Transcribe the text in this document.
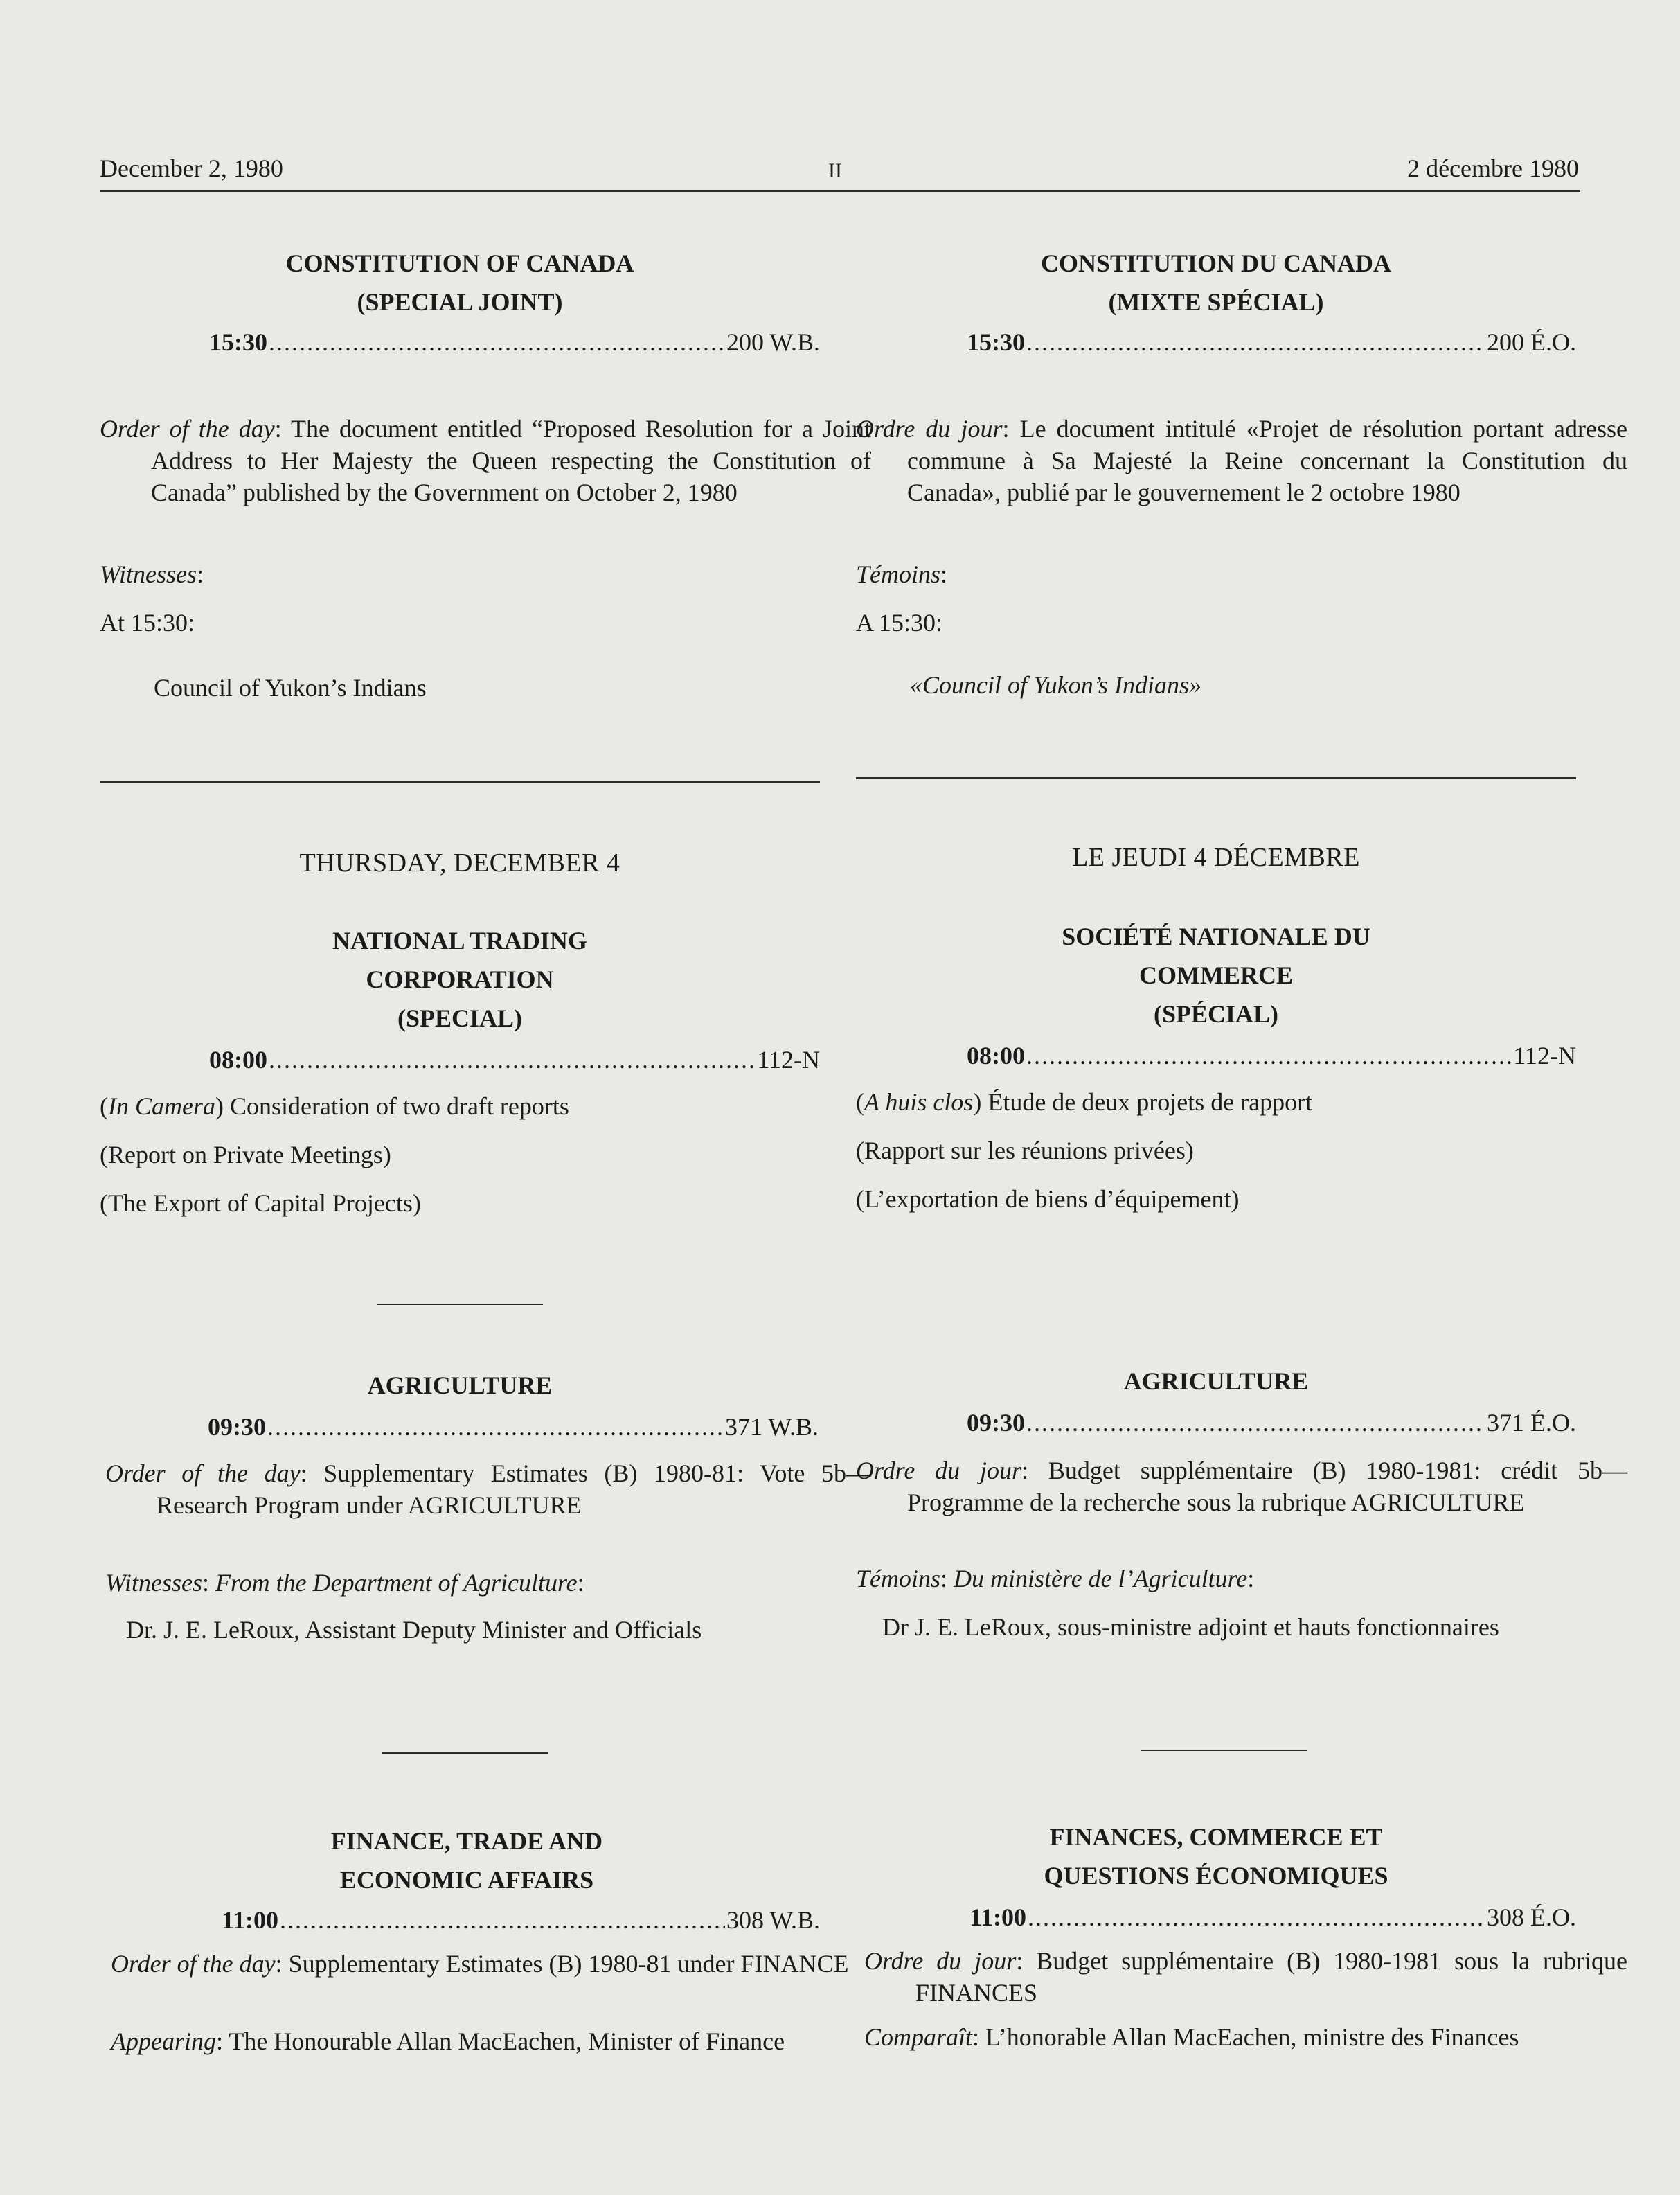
December 2, 1980	II	2 décembre 1980
CONSTITUTION OF CANADA
(SPECIAL JOINT)
15:30 .....	200 W.B.
Order of the day: The document entitled “Proposed Resolution for a Joint Address to Her Majesty the Queen respecting the Constitution of Canada” published by the Government on October 2, 1980
Witnesses:
At 15:30:
Council of Yukon’s Indians
THURSDAY, DECEMBER 4
NATIONAL TRADING
CORPORATION
(SPECIAL)
08:00 .....	112-N
(In Camera) Consideration of two draft reports
(Report on Private Meetings)
(The Export of Capital Projects)
AGRICULTURE
09:30 .....	371 W.B.
Order of the day: Supplementary Estimates (B) 1980-81: Vote 5b—Research Program under AGRICULTURE
Witnesses: From the Department of Agriculture:
Dr. J. E. LeRoux, Assistant Deputy Minister and Officials
FINANCE, TRADE AND
ECONOMIC AFFAIRS
11:00 .....	308 W.B.
Order of the day: Supplementary Estimates (B) 1980-81 under FINANCE
Appearing: The Honourable Allan MacEachen, Minister of Finance
CONSTITUTION DU CANADA
(MIXTE SPÉCIAL)
15:30 .....	200 É.O.
Ordre du jour: Le document intitulé «Projet de résolution portant adresse commune à Sa Majesté la Reine concernant la Constitution du Canada», publié par le gouvernement le 2 octobre 1980
Témoins:
A 15:30:
«Council of Yukon’s Indians»
LE JEUDI 4 DÉCEMBRE
SOCIÉTÉ NATIONALE DU
COMMERCE
(SPÉCIAL)
08:00 .....	112-N
(A huis clos) Étude de deux projets de rapport
(Rapport sur les réunions privées)
(L’exportation de biens d’équipement)
AGRICULTURE
09:30 .....	371 É.O.
Ordre du jour: Budget supplémentaire (B) 1980-1981: crédit 5b—Programme de la recherche sous la rubrique AGRICULTURE
Témoins: Du ministère de l’Agriculture:
Dr J. E. LeRoux, sous-ministre adjoint et hauts fonctionnaires
FINANCES, COMMERCE ET
QUESTIONS ÉCONOMIQUES
11:00 .....	308 É.O.
Ordre du jour: Budget supplémentaire (B) 1980-1981 sous la rubrique FINANCES
Comparaît: L’honorable Allan MacEachen, ministre des Finances
